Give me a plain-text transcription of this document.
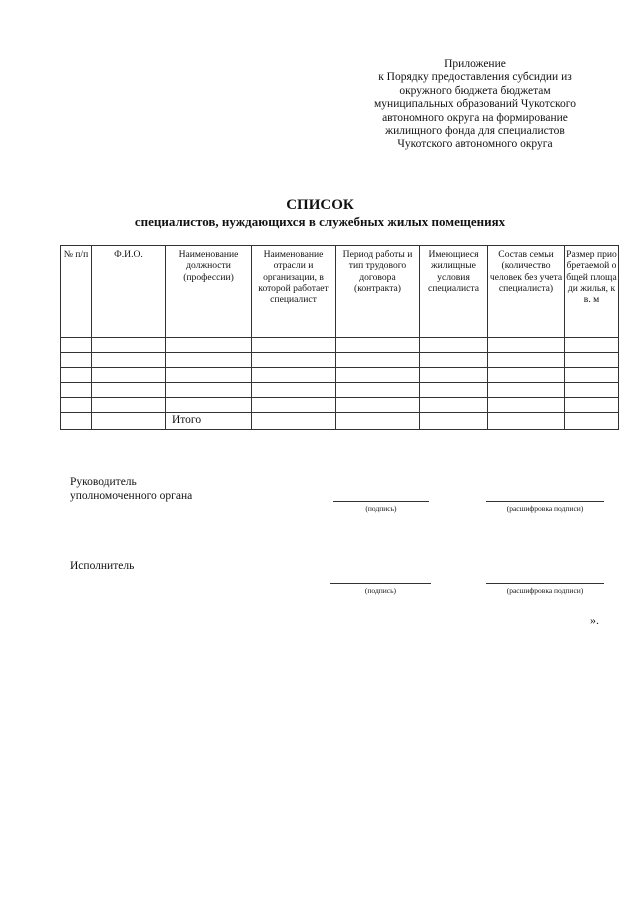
Приложение
к Порядку предоставления субсидии из
окружного бюджета бюджетам
муниципальных образований Чукотского
автономного округа на формирование
жилищного фонда для специалистов
Чукотского автономного округа
СПИСОК
специалистов, нуждающихся в служебных жилых помещениях
№ п/п	Ф.И.О.	Наименование должности (профессии)	Наименование отрасли и организации, в которой работает специалист	Период работы и тип трудового договора (контракта)	Имеющиеся жилищные условия специалиста	Состав семьи (количество человек без учета специалиста)	Размер приобретаемой общей площади жилья, кв. м

		Итого					
Руководитель
уполномоченного органа
(подпись)	(расшифровка подписи)
Исполнитель
(подпись)	(расшифровка подписи)
».
